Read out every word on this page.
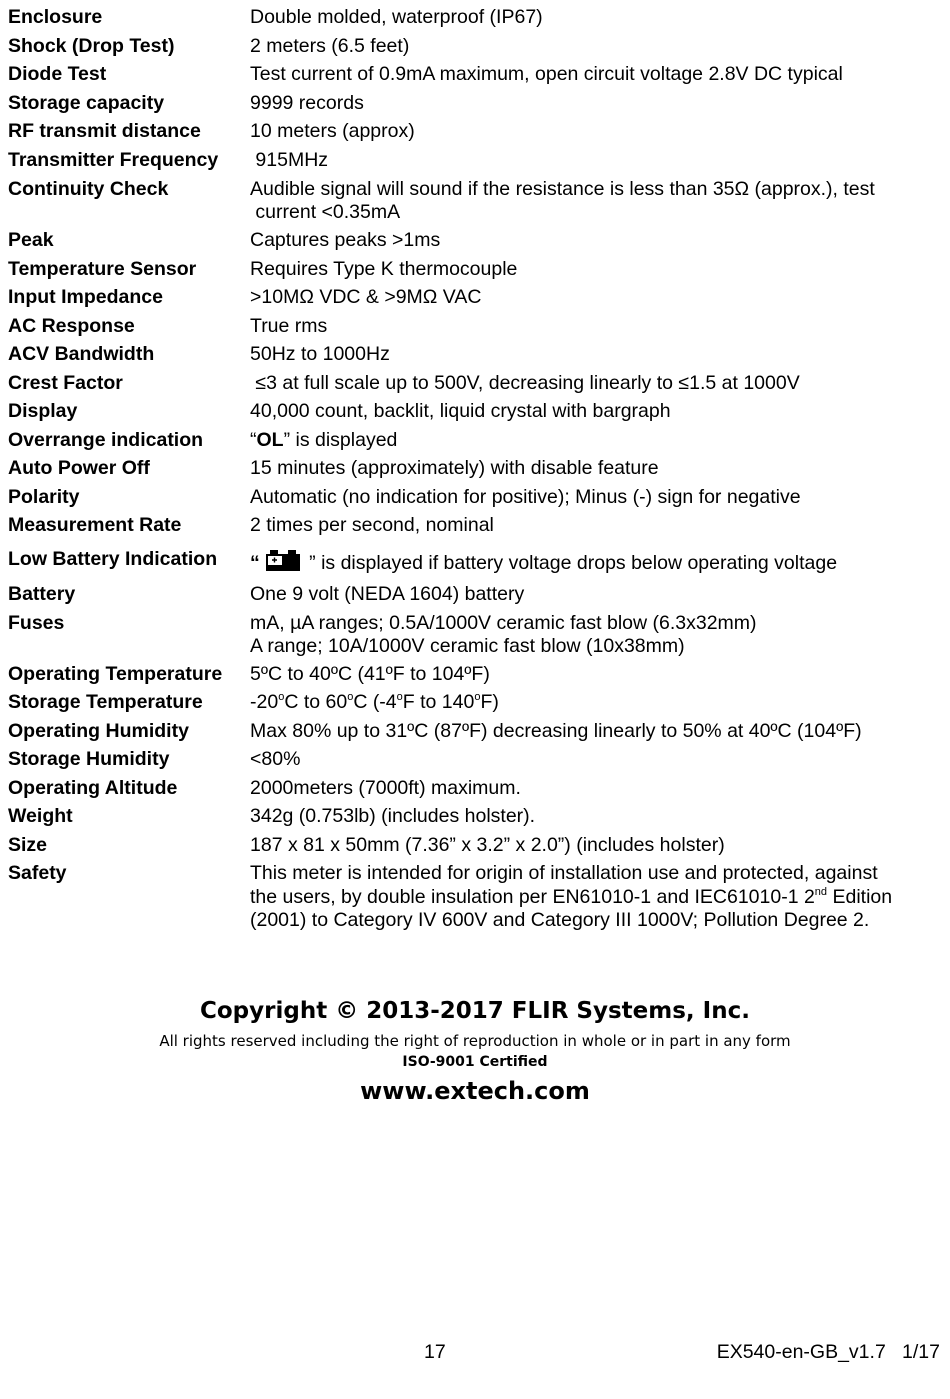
Enclosure	Double molded, waterproof (IP67)
Shock (Drop Test)	2 meters (6.5 feet)
Diode Test	Test current of 0.9mA maximum, open circuit voltage 2.8V DC typical
Storage capacity	9999 records
RF transmit distance	10 meters (approx)
Transmitter Frequency	915MHz
Continuity Check	Audible signal will sound if the resistance is less than 35Ω (approx.), test
current <0.35mA
Peak	Captures peaks >1ms
Temperature Sensor	Requires Type K thermocouple
Input Impedance	>10MΩ VDC & >9MΩ VAC
AC Response	True rms
ACV Bandwidth	50Hz to 1000Hz
Crest Factor	≤3 at full scale up to 500V, decreasing linearly to ≤1.5 at 1000V
Display	40,000 count, backlit, liquid crystal with bargraph
Overrange indication	“OL” is displayed
Auto Power Off	15 minutes (approximately) with disable feature
Polarity	Automatic (no indication for positive); Minus (-) sign for negative
Measurement Rate	2 times per second, nominal
Low Battery Indication	“ ” is displayed if battery voltage drops below operating voltage
Battery	One 9 volt (NEDA 1604) battery
Fuses	mA, µA ranges; 0.5A/1000V ceramic fast blow (6.3x32mm)
A range; 10A/1000V ceramic fast blow (10x38mm)
Operating Temperature	5ºC to 40ºC (41ºF to 104ºF)
Storage Temperature	-20$^o$C to 60$^o$C (-4$^o$F to 140$^o$F)
Operating Humidity	Max 80% up to 31ºC (87ºF) decreasing linearly to 50% at 40ºC (104ºF)
Storage Humidity	<80%
Operating Altitude	2000meters (7000ft) maximum.
Weight	342g (0.753lb) (includes holster).
Size	187 x 81 x 50mm (7.36” x 3.2” x 2.0”) (includes holster)
Safety	This meter is intended for origin of installation use and protected, against
the users, by double insulation per EN61010-1 and IEC61010-1 2nd Edition
(2001) to Category IV 600V and Category III 1000V; Pollution Degree 2.
Copyright © 2013-2017 FLIR Systems, Inc.
All rights reserved including the right of reproduction in whole or in part in any form
ISO-9001 Certified
www.extech.com
17	EX540-en-GB_v1.7   1/17
